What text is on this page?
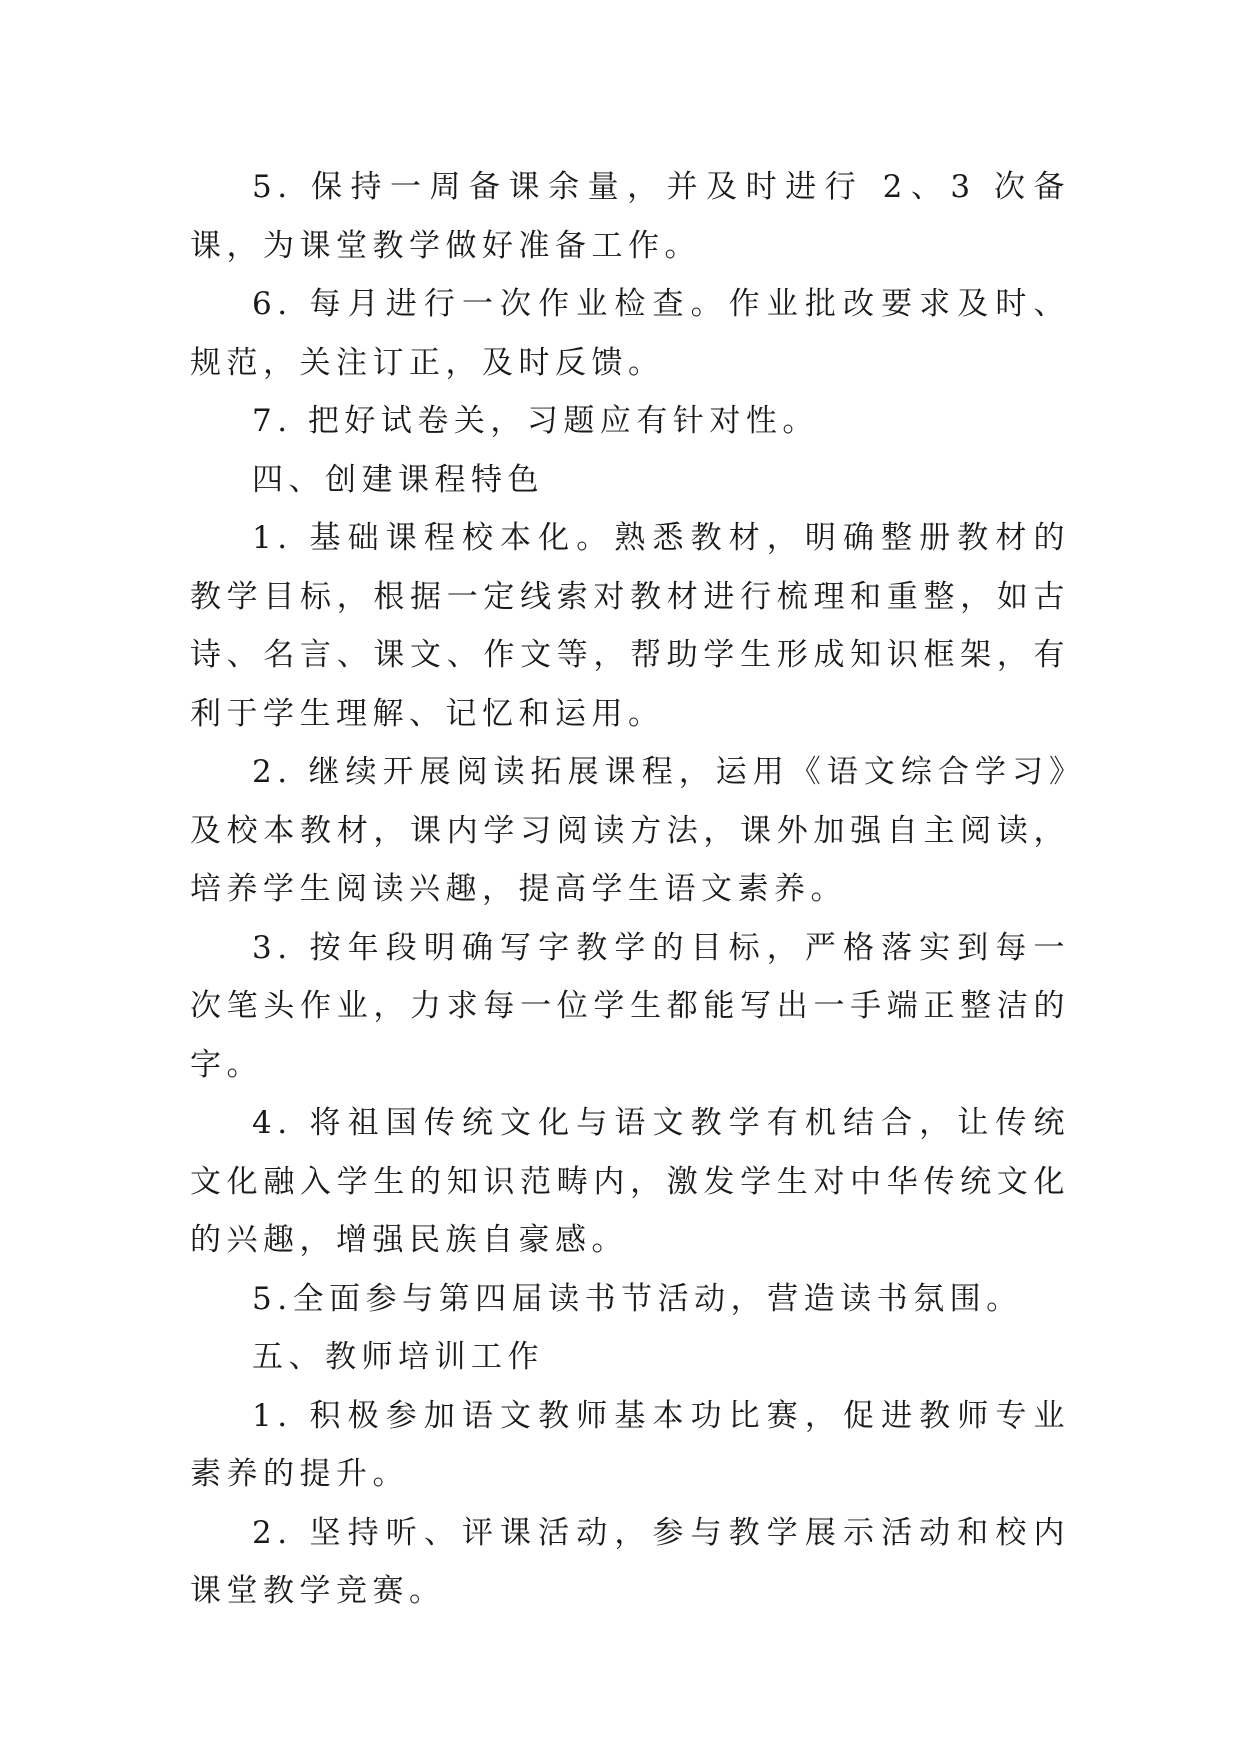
5. 保持一周备课余量，并及时进行 2、3 次备课，为课堂教学做好准备工作。

6. 每月进行一次作业检查。作业批改要求及时、规范，关注订正，及时反馈。

7. 把好试卷关，习题应有针对性。

四、创建课程特色

1. 基础课程校本化。熟悉教材，明确整册教材的教学目标，根据一定线索对教材进行梳理和重整，如古诗、名言、课文、作文等，帮助学生形成知识框架，有利于学生理解、记忆和运用。

2. 继续开展阅读拓展课程，运用《语文综合学习》及校本教材，课内学习阅读方法，课外加强自主阅读，培养学生阅读兴趣，提高学生语文素养。

3. 按年段明确写字教学的目标，严格落实到每一次笔头作业，力求每一位学生都能写出一手端正整洁的字。

4. 将祖国传统文化与语文教学有机结合，让传统文化融入学生的知识范畴内，激发学生对中华传统文化的兴趣，增强民族自豪感。

5.全面参与第四届读书节活动，营造读书氛围。

五、教师培训工作

1. 积极参加语文教师基本功比赛，促进教师专业素养的提升。

2. 坚持听、评课活动，参与教学展示活动和校内课堂教学竞赛。
